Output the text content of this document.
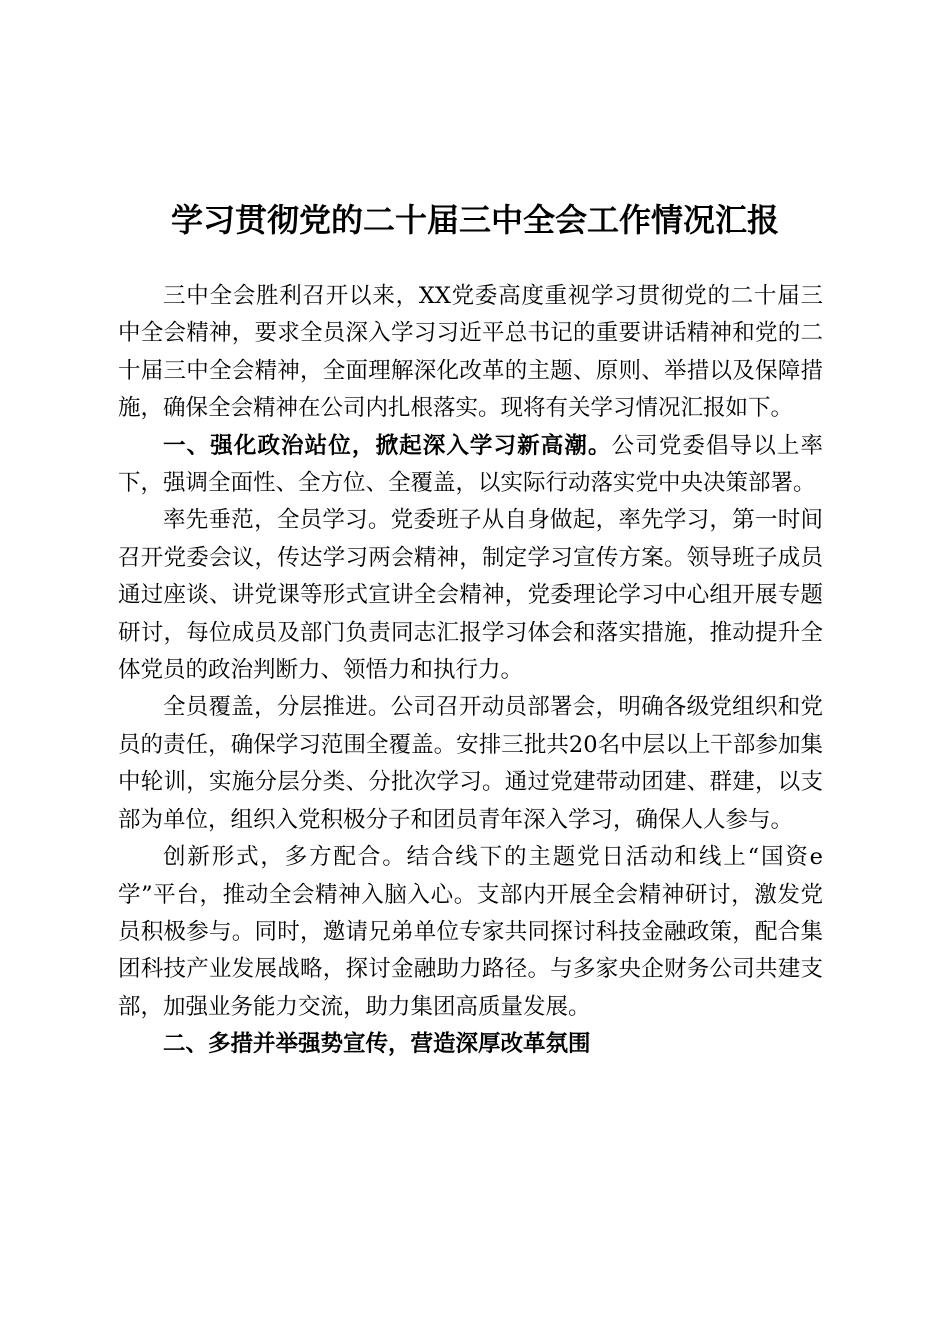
学习贯彻党的二十届三中全会工作情况汇报

三中全会胜利召开以来，XX党委高度重视学习贯彻党的二十届三中全会精神，要求全员深入学习习近平总书记的重要讲话精神和党的二十届三中全会精神，全面理解深化改革的主题、原则、举措以及保障措施，确保全会精神在公司内扎根落实。现将有关学习情况汇报如下。

一、强化政治站位，掀起深入学习新高潮。公司党委倡导以上率下，强调全面性、全方位、全覆盖，以实际行动落实党中央决策部署。

率先垂范，全员学习。党委班子从自身做起，率先学习，第一时间召开党委会议，传达学习两会精神，制定学习宣传方案。领导班子成员通过座谈、讲党课等形式宣讲全会精神，党委理论学习中心组开展专题研讨，每位成员及部门负责同志汇报学习体会和落实措施，推动提升全体党员的政治判断力、领悟力和执行力。

全员覆盖，分层推进。公司召开动员部署会，明确各级党组织和党员的责任，确保学习范围全覆盖。安排三批共20名中层以上干部参加集中轮训，实施分层分类、分批次学习。通过党建带动团建、群建，以支部为单位，组织入党积极分子和团员青年深入学习，确保人人参与。

创新形式，多方配合。结合线下的主题党日活动和线上“国资e学”平台，推动全会精神入脑入心。支部内开展全会精神研讨，激发党员积极参与。同时，邀请兄弟单位专家共同探讨科技金融政策，配合集团科技产业发展战略，探讨金融助力路径。与多家央企财务公司共建支部，加强业务能力交流，助力集团高质量发展。

二、多措并举强势宣传，营造深厚改革氛围
